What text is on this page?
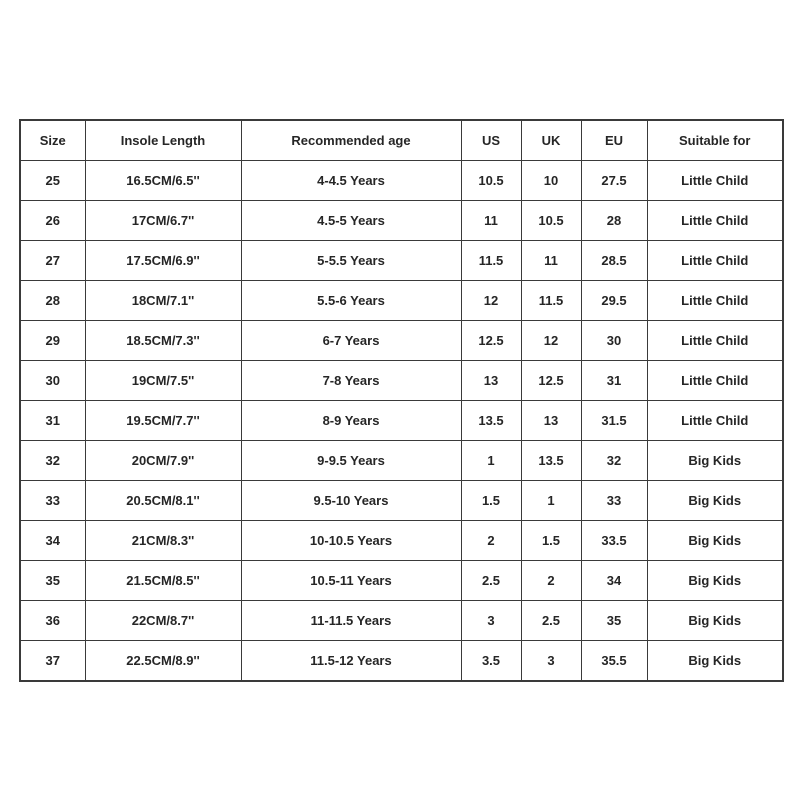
Size	Insole Length	Recommended age	US	UK	EU	Suitable for
25	16.5CM/6.5''	4-4.5 Years	10.5	10	27.5	Little Child
26	17CM/6.7''	4.5-5 Years	11	10.5	28	Little Child
27	17.5CM/6.9''	5-5.5 Years	11.5	11	28.5	Little Child
28	18CM/7.1''	5.5-6 Years	12	11.5	29.5	Little Child
29	18.5CM/7.3''	6-7 Years	12.5	12	30	Little Child
30	19CM/7.5''	7-8 Years	13	12.5	31	Little Child
31	19.5CM/7.7''	8-9 Years	13.5	13	31.5	Little Child
32	20CM/7.9''	9-9.5 Years	1	13.5	32	Big Kids
33	20.5CM/8.1''	9.5-10 Years	1.5	1	33	Big Kids
34	21CM/8.3''	10-10.5 Years	2	1.5	33.5	Big Kids
35	21.5CM/8.5''	10.5-11 Years	2.5	2	34	Big Kids
36	22CM/8.7''	11-11.5 Years	3	2.5	35	Big Kids
37	22.5CM/8.9''	11.5-12 Years	3.5	3	35.5	Big Kids
